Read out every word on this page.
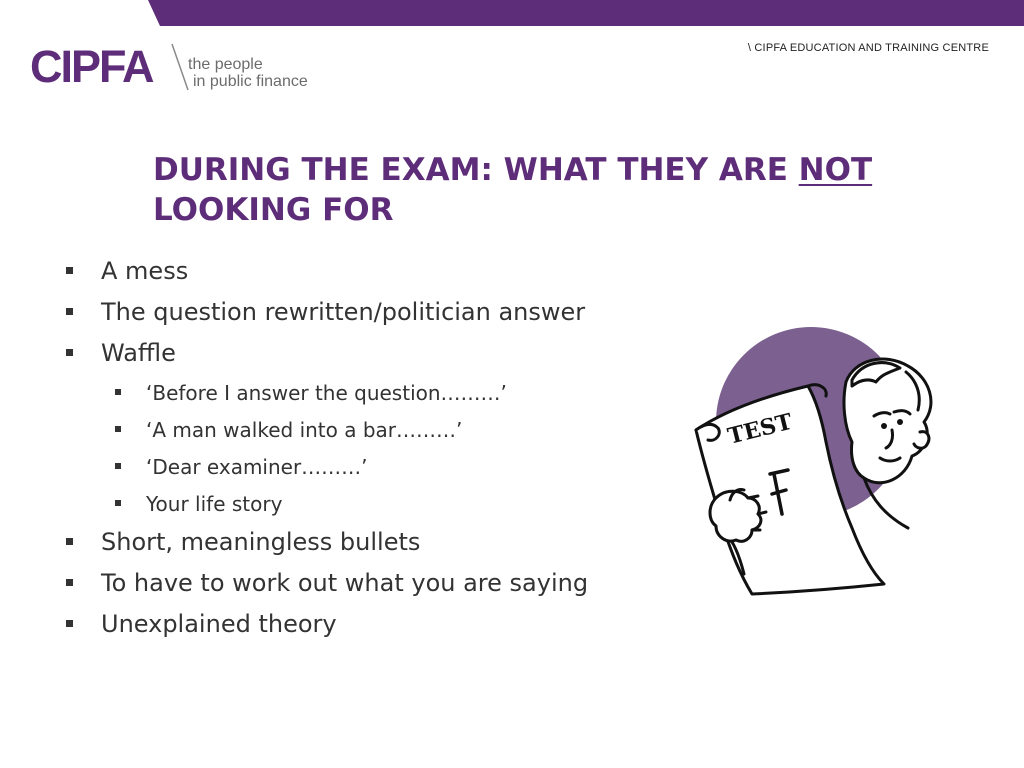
CIPFA the people
in public finance
\ CIPFA EDUCATION AND TRAINING CENTRE
DURING THE EXAM: WHAT THEY ARE NOT
LOOKING FOR
A mess
The question rewritten/politician answer
Waffle
‘Before I answer the question………’
‘A man walked into a bar………’
‘Dear examiner………’
Your life story
Short, meaningless bullets
To have to work out what you are saying
Unexplained theory
TEST
